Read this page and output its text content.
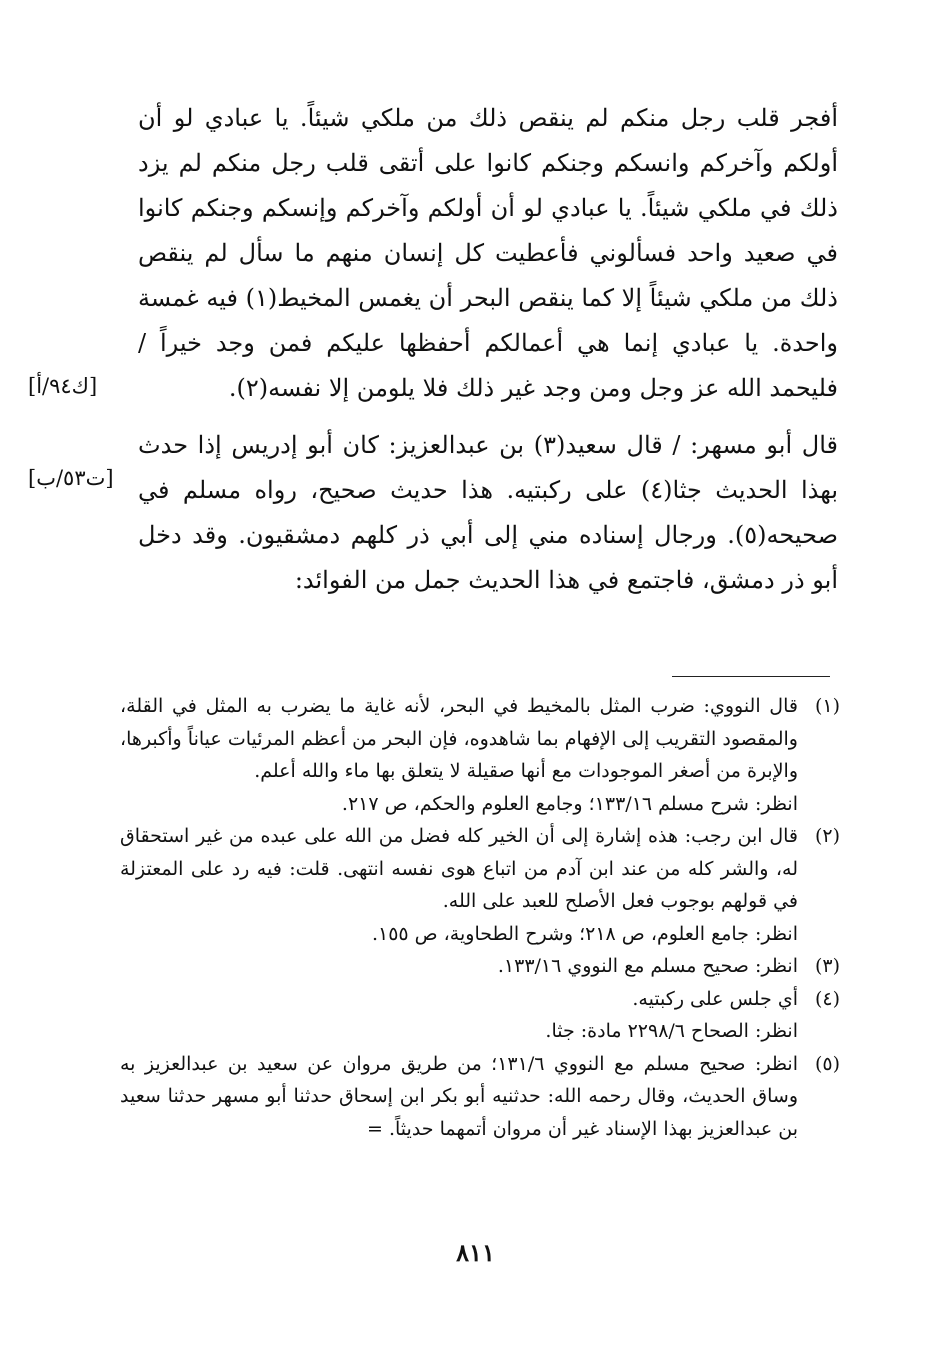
أفجر قلب رجل منكم لم ينقص ذلك من ملكي شيئاً. يا عبادي لو أن أولكم وآخركم وانسكم وجنكم كانوا على أتقى قلب رجل منكم لم يزد ذلك في ملكي شيئاً. يا عبادي لو أن أولكم وآخركم وإنسكم وجنكم كانوا في صعيد واحد فسألوني فأعطيت كل إنسان منهم ما سأل لم ينقص ذلك من ملكي شيئاً إلا كما ينقص البحر أن يغمس المخيط(١) فيه غمسة واحدة. يا عبادي إنما هي أعمالكم أحفظها عليكم فمن وجد خيراً / فليحمد الله عز وجل ومن وجد غير ذلك فلا يلومن إلا نفسه(٢).

قال أبو مسهر: / قال سعيد(٣) بن عبدالعزيز: كان أبو إدريس إذا حدث بهذا الحديث جثا(٤) على ركبتيه. هذا حديث صحيح، رواه مسلم في صحيحه(٥). ورجال إسناده مني إلى أبي ذر كلهم دمشقيون. وقد دخل أبو ذر دمشق، فاجتمع في هذا الحديث جمل من الفوائد:

[ك٩٤/أ]
[ت٥٣/ب]
(١)

قال النووي: ضرب المثل بالمخيط في البحر، لأنه غاية ما يضرب به المثل في القلة، والمقصود التقريب إلى الإفهام بما شاهدوه، فإن البحر من أعظم المرئيات عياناً وأكبرها، والإبرة من أصغر الموجودات مع أنها صقيلة لا يتعلق بها ماء والله أعلم.

انظر: شرح مسلم ١٣٣/١٦؛ وجامع العلوم والحكم، ص ٢١٧.

(٢)

قال ابن رجب: هذه إشارة إلى أن الخير كله فضل من الله على عبده من غير استحقاق له، والشر كله من عند ابن آدم من اتباع هوى نفسه انتهى. قلت: فيه رد على المعتزلة في قولهم بوجوب فعل الأصلح للعبد على الله.

انظر: جامع العلوم، ص ٢١٨؛ وشرح الطحاوية، ص ١٥٥.

(٣)

انظر: صحيح مسلم مع النووي ١٣٣/١٦.

(٤)

أي جلس على ركبتيه.

انظر: الصحاح ٢٢٩٨/٦ مادة: جثا.

(٥)

انظر: صحيح مسلم مع النووي ١٣١/٦؛ من طريق مروان عن سعيد بن عبدالعزيز به وساق الحديث، وقال رحمه الله: حدثنيه أبو بكر ابن إسحاق حدثنا أبو مسهر حدثنا سعيد بن عبدالعزيز بهذا الإسناد غير أن مروان أتمهما حديثاً. =

٨١١
